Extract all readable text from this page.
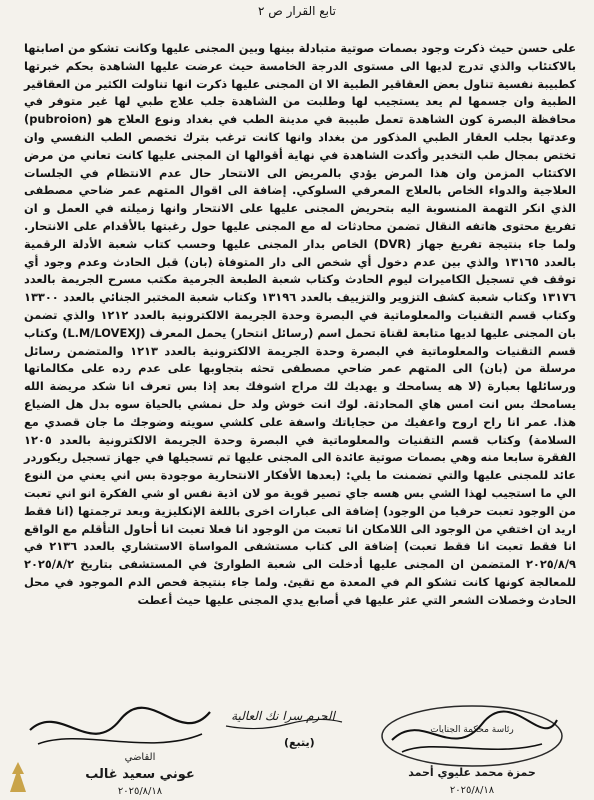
تابع القرار ص ٢

على حسن حيث ذكرت وجود بصمات صوتية متبادلة بينها وبين المجنى عليها وكانت تشكو من اصابتها بالاكتئاب والذي تدرج لديها الى مستوى الدرجة الخامسة حيث عرضت عليها الشاهدة بحكم خبرتها كطبيبة نفسية تناول بعض العقاقير الطبية الا ان المجنى عليها ذكرت انها تناولت الكثير من العقاقير الطبية وان جسمها لم يعد يستجيب لها وطلبت من الشاهدة جلب علاج طبي لها غير متوفر في محافظة البصرة كون الشاهدة تعمل طبيبة في مدينة الطب في بغداد ونوع العلاج هو (pubroion) وعدتها بجلب العقار الطبي المذكور من بغداد وانها كانت ترغب بترك تخصص الطب النفسي وان تختص بمجال طب التخدير وأكدت الشاهدة في نهاية أقوالها ان المجنى عليها كانت تعاني من مرض الاكتئاب المزمن وان هذا المرض يؤدي بالمريض الى الانتحار حال عدم الانتظام في الجلسات العلاجية والدواء الخاص بالعلاج المعرفي السلوكي. إضافة الى اقوال المتهم عمر ضاحي مصطفى الذي انكر التهمة المنسوبة اليه بتحريض المجنى عليها على الانتحار وانها زميلته في العمل و ان تفريغ محتوى هاتفه النقال تضمن محادثات له مع المجنى عليها حول رغبتها بالأقدام على الانتحار. ولما جاء بنتيجة تفريغ جهاز (DVR) الخاص بدار المجنى عليها وحسب كتاب شعبة الأدلة الرقمية بالعدد ١٣١٦٥ والذي بين عدم دخول أي شخص الى دار المتوفاة (بان) قبل الحادث وعدم وجود أي توقف في تسجيل الكاميرات ليوم الحادث وكتاب شعبة الطبعة الجرمية مكتب مسرح الجريمة بالعدد ١٣١٧٦ وكتاب شعبة كشف التزوير والتزييف بالعدد ١٣١٩٦ وكتاب شعبة المختبر الجنائي بالعدد ١٣٣٠٠ وكتاب قسم التقنيات والمعلوماتية في البصرة وحدة الجريمة الالكترونية بالعدد ١٢١٢ والذي تضمن بان المجنى عليها لديها متابعة لقناة تحمل اسم (رسائل انتحار) يحمل المعرف (L.M/LOVEXJ) وكتاب قسم التقنيات والمعلوماتية في البصرة وحدة الجريمة الالكترونية بالعدد ١٢١٣ والمتضمن رسائل مرسلة من (بان) الى المتهم عمر ضاحي مصطفى تحثه بتجاوبها على عدم رده على مكالماتها ورسائلها بعبارة (لا هه يسامحك و يهديك لك مراح اشوفك بعد إذا بس تعرف انا شكد مريضة الله يسامحك بس انت امس هاي المحادثة. لوك انت خوش ولد حل نمشي بالحياة سوه بدل هل الضياع هذا. عمر انا راح اروح واعفيك من حجاياتك واسفة على كلشي سويته وضوجك ما جان قصدي مع السلامة) وكتاب قسم التقنيات والمعلوماتية في البصرة وحدة الجريمة الالكترونية بالعدد ١٢٠٥ الفقرة سابعا منه وهي بصمات صوتية عائدة الى المجنى عليها تم تسجيلها في جهاز تسجيل ريكوردر عائد للمجنى عليها والتي تضمنت ما يلي: (بعدها الأفكار الانتحارية موجودة بس اني يعني من النوع الي ما استجيب لهذا الشي بس هسه جاي تصير قوية مو لان اذية نفس او شي الفكرة انو اني تعبت من الوجود تعبت حرفيا من الوجود) إضافة الى عبارات اخرى باللغة الإنكليزية وبعد ترجمتها (انا فقط اريد ان اختفي من الوجود الى اللامكان انا تعبت من الوجود انا فعلا تعبت انا أحاول التأقلم مع الواقع انا فقط تعبت انا فقط تعبت) إضافة الى كتاب مستشفى المواساة الاستشاري بالعدد ٢١٣٦ في ٢٠٢٥/٨/٩ المتضمن ان المجنى عليها أدخلت الى شعبة الطوارئ في المستشفى بتاريخ ٢٠٢٥/٨/٢ للمعالجة كونها كانت تشكو الم في المعدة مع تقيئ. ولما جاء بنتيجة فحص الدم الموجود في محل الحادث وخصلات الشعر التي عثر عليها في أصابع يدي المجنى عليها حيث أعطت

الحرم سرا نك العالية
(يتبع)
رئاسة محكمة الجنايات
حمزة محمد عليوي أحمد
٢٠٢٥/٨/١٨
القاضي
عوني سعيد غالب
٢٠٢٥/٨/١٨
